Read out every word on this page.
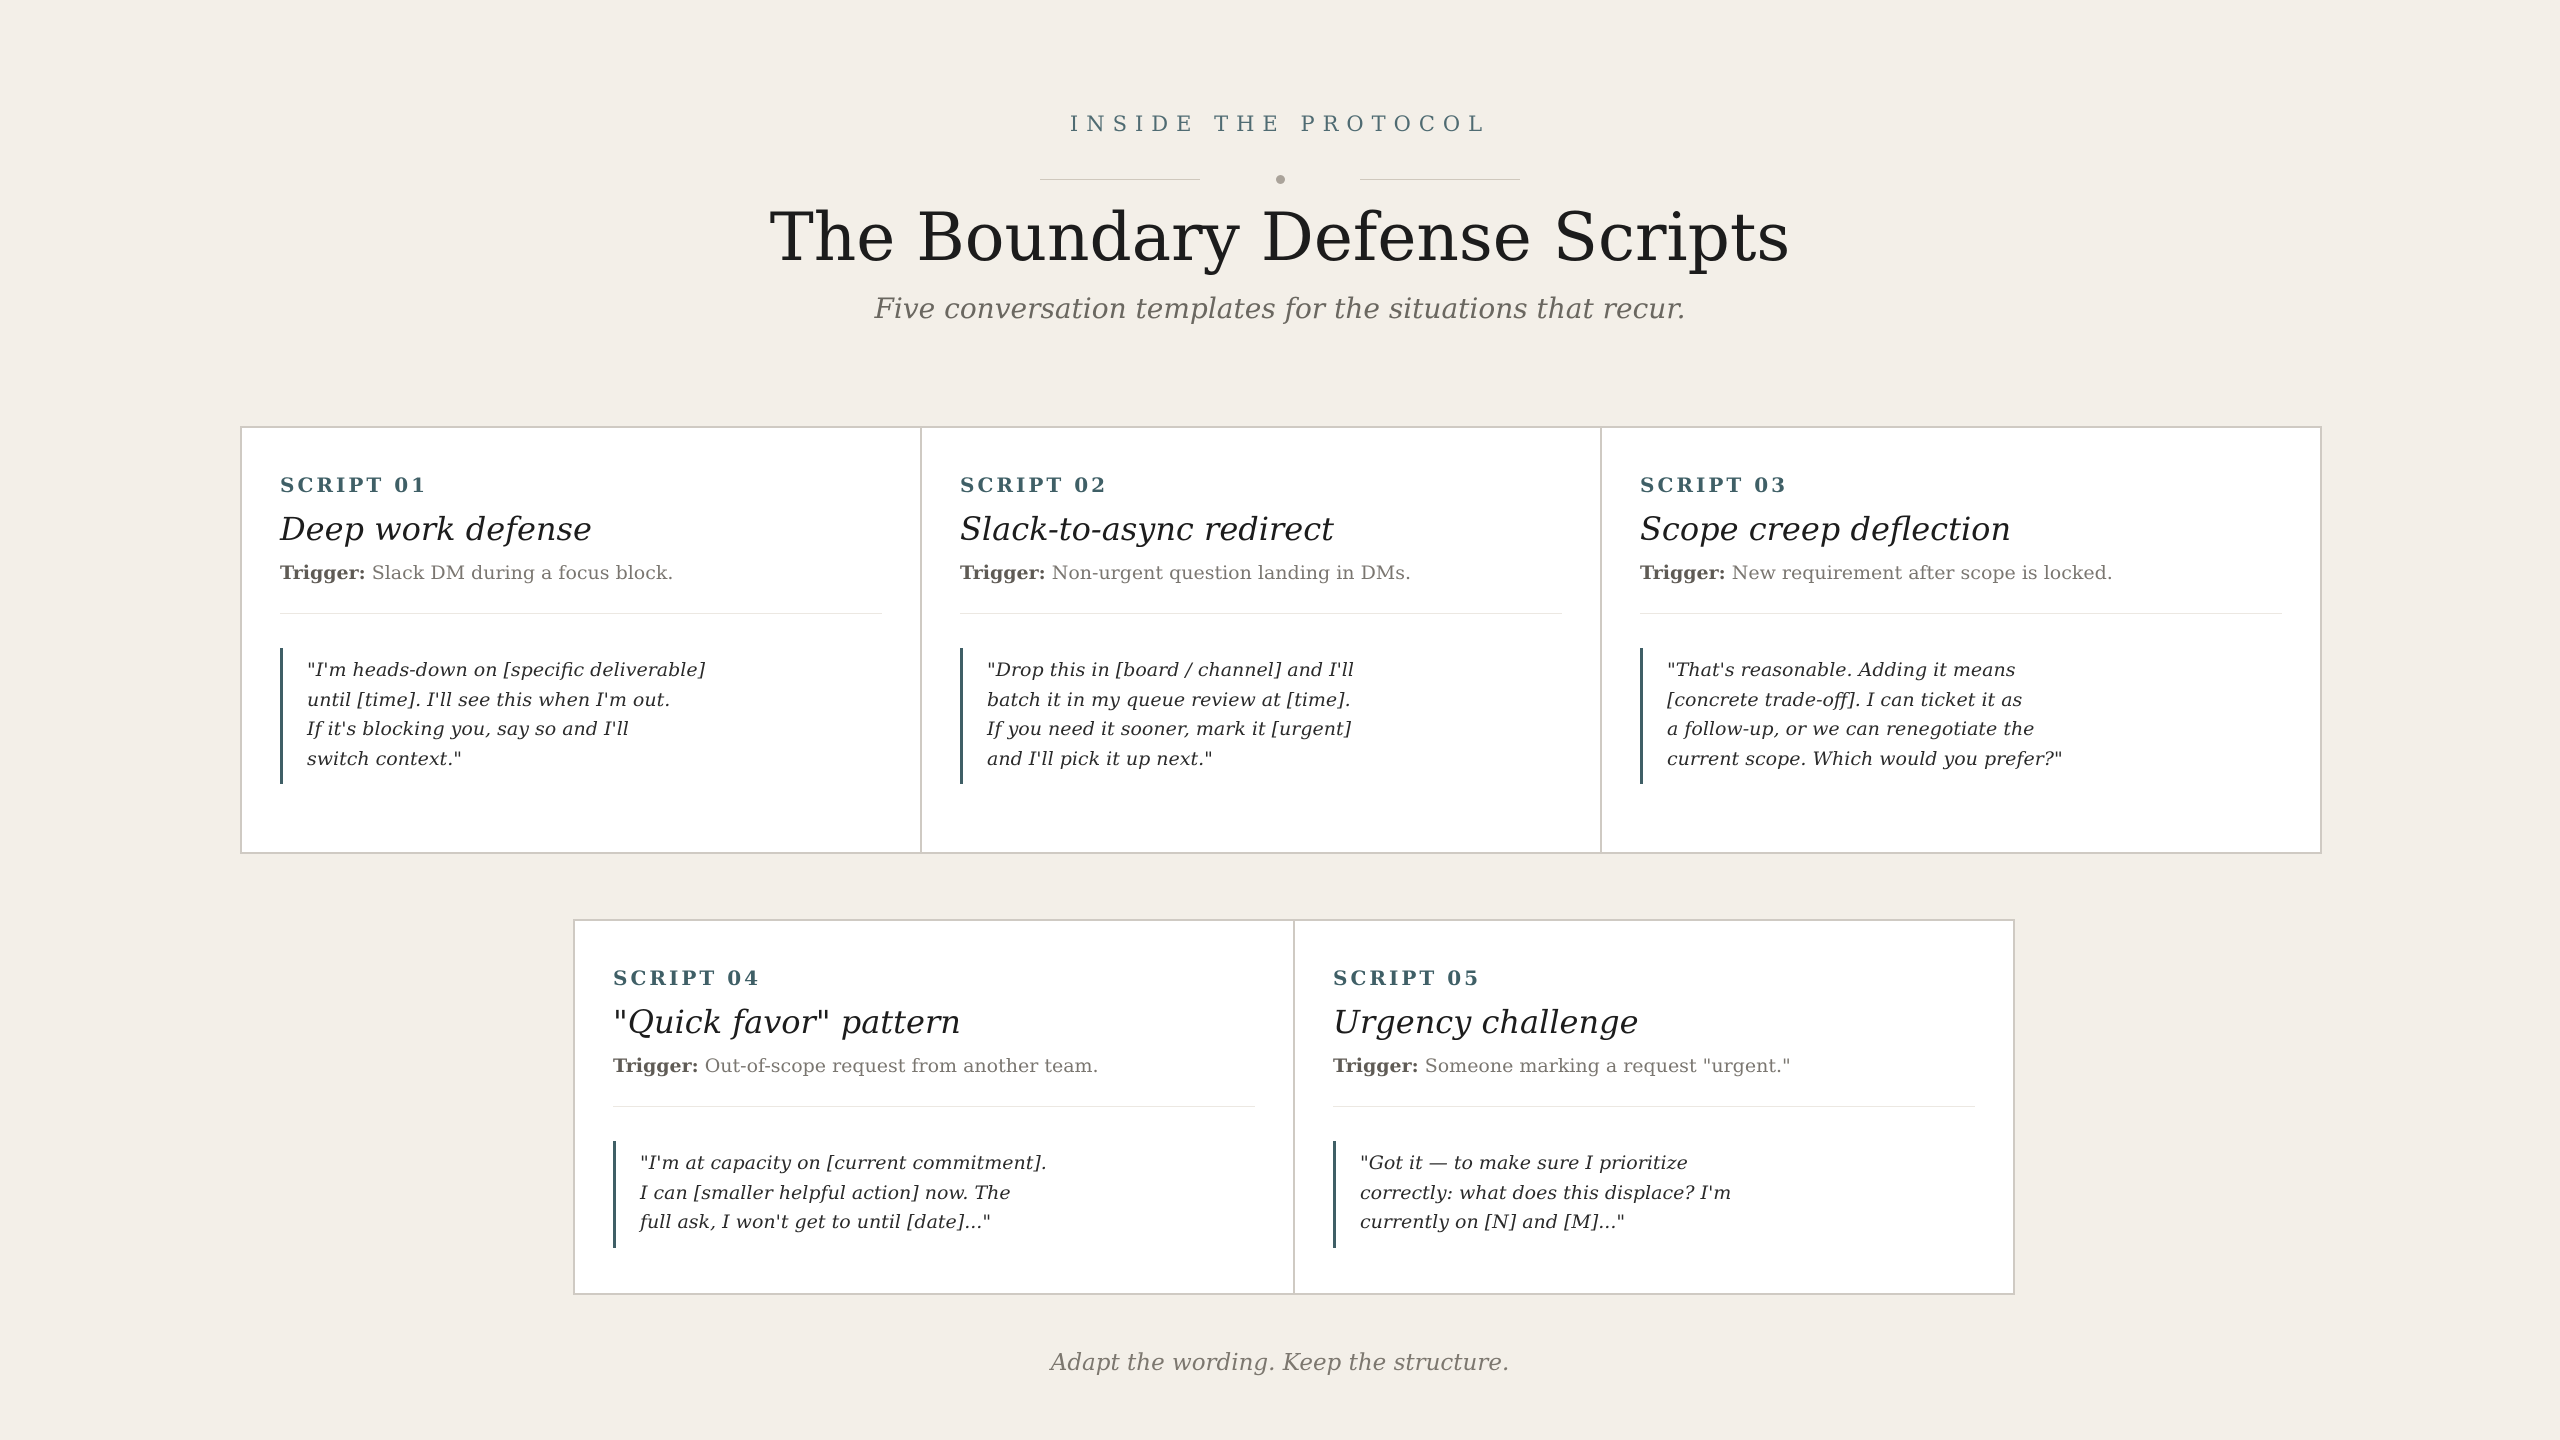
INSIDE THE PROTOCOL
The Boundary Defense Scripts

Five conversation templates for the situations that recur.

SCRIPT 01
Deep work defense
Trigger: Slack DM during a focus block.
"I'm heads-down on [specific deliverable]
until [time]. I'll see this when I'm out.
If it's blocking you, say so and I'll
switch context."
SCRIPT 02
Slack-to-async redirect
Trigger: Non-urgent question landing in DMs.
"Drop this in [board / channel] and I'll
batch it in my queue review at [time].
If you need it sooner, mark it [urgent]
and I'll pick it up next."
SCRIPT 03
Scope creep deflection
Trigger: New requirement after scope is locked.
"That's reasonable. Adding it means
[concrete trade-off]. I can ticket it as
a follow-up, or we can renegotiate the
current scope. Which would you prefer?"
SCRIPT 04
"Quick favor" pattern
Trigger: Out-of-scope request from another team.
"I'm at capacity on [current commitment].
I can [smaller helpful action] now. The
full ask, I won't get to until [date]..."
SCRIPT 05
Urgency challenge
Trigger: Someone marking a request "urgent."
"Got it — to make sure I prioritize
correctly: what does this displace? I'm
currently on [N] and [M]..."
Adapt the wording. Keep the structure.
